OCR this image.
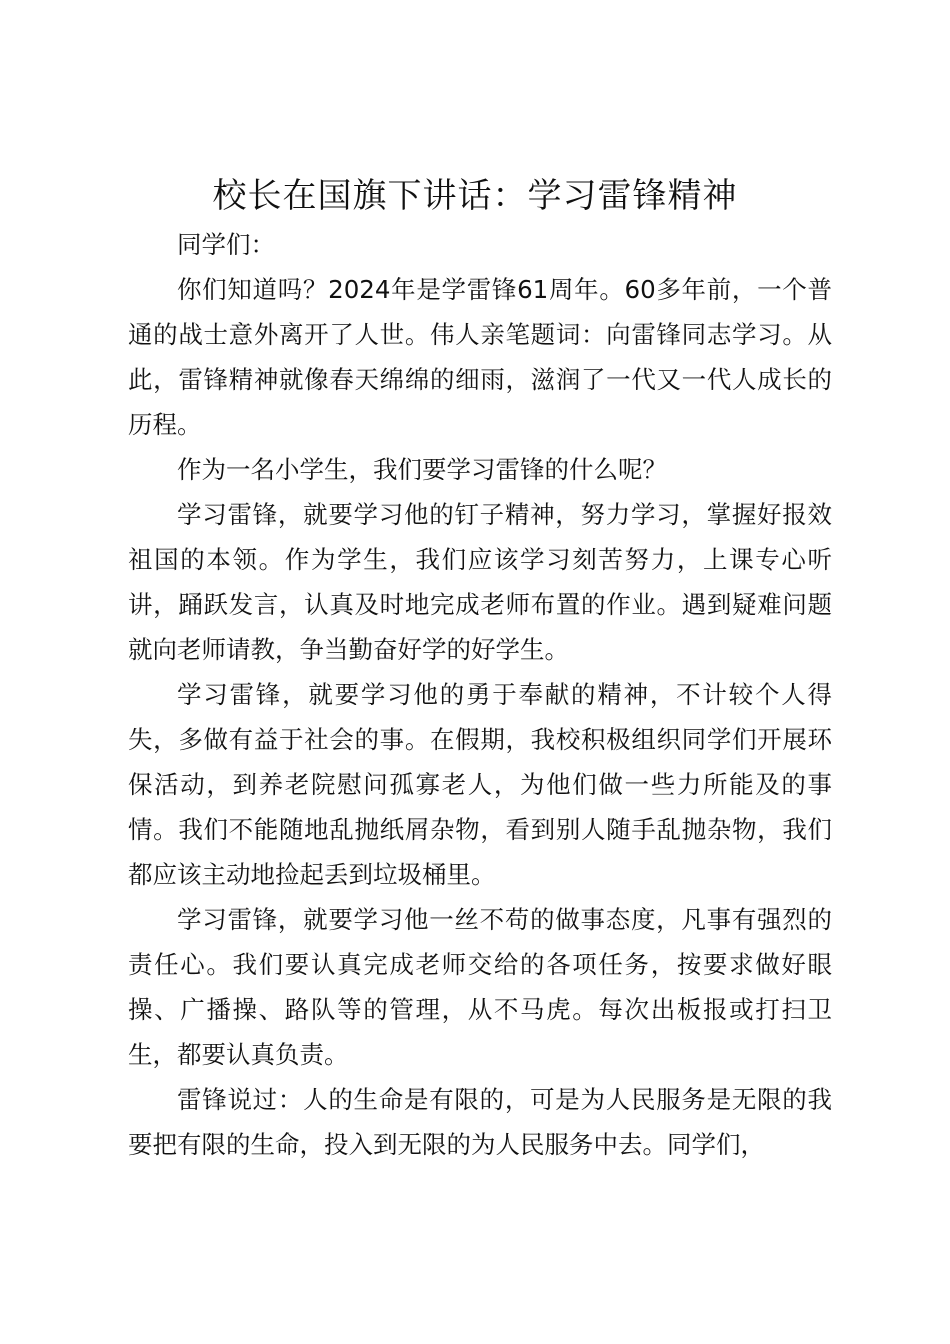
校长在国旗下讲话：学习雷锋精神

同学们：

你们知道吗？2024年是学雷锋61周年。60多年前，一个普通的战士意外离开了人世。伟人亲笔题词：向雷锋同志学习。从此，雷锋精神就像春天绵绵的细雨，滋润了一代又一代人成长的历程。

作为一名小学生，我们要学习雷锋的什么呢？

学习雷锋，就要学习他的钉子精神，努力学习，掌握好报效祖国的本领。作为学生，我们应该学习刻苦努力，上课专心听讲，踊跃发言，认真及时地完成老师布置的作业。遇到疑难问题就向老师请教，争当勤奋好学的好学生。

学习雷锋，就要学习他的勇于奉献的精神，不计较个人得失，多做有益于社会的事。在假期，我校积极组织同学们开展环保活动，到养老院慰问孤寡老人，为他们做一些力所能及的事情。我们不能随地乱抛纸屑杂物，看到别人随手乱抛杂物，我们都应该主动地捡起丢到垃圾桶里。

学习雷锋，就要学习他一丝不苟的做事态度，凡事有强烈的责任心。我们要认真完成老师交给的各项任务，按要求做好眼操、广播操、路队等的管理，从不马虎。每次出板报或打扫卫生，都要认真负责。

雷锋说过：人的生命是有限的，可是为人民服务是无限的我要把有限的生命，投入到无限的为人民服务中去。同学们，
